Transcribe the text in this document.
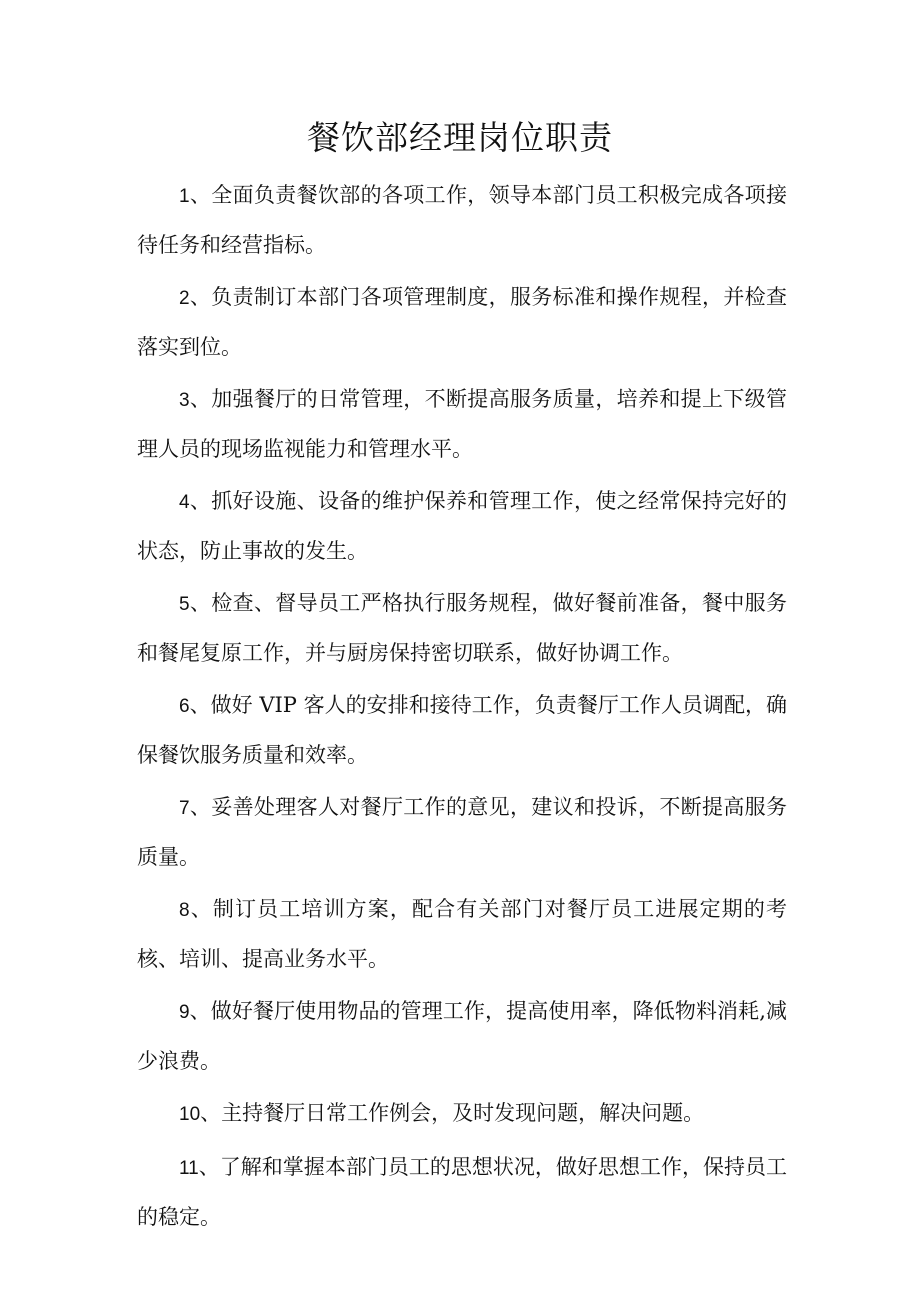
餐饮部经理岗位职责
1、全面负责餐饮部的各项工作，领导本部门员工积极完成各项接待任务和经营指标。
2、负责制订本部门各项管理制度，服务标准和操作规程，并检查落实到位。
3、加强餐厅的日常管理，不断提高服务质量，培养和提上下级管理人员的现场监视能力和管理水平。
4、抓好设施、设备的维护保养和管理工作，使之经常保持完好的状态，防止事故的发生。
5、检查、督导员工严格执行服务规程，做好餐前准备，餐中服务和餐尾复原工作，并与厨房保持密切联系，做好协调工作。
6、做好 VIP 客人的安排和接待工作，负责餐厅工作人员调配，确保餐饮服务质量和效率。
7、妥善处理客人对餐厅工作的意见，建议和投诉，不断提高服务质量。
8、制订员工培训方案，配合有关部门对餐厅员工进展定期的考核、培训、提高业务水平。
9、做好餐厅使用物品的管理工作，提高使用率，降低物料消耗,减少浪费。
10、主持餐厅日常工作例会，及时发现问题，解决问题。
11、了解和掌握本部门员工的思想状况，做好思想工作，保持员工的稳定。
